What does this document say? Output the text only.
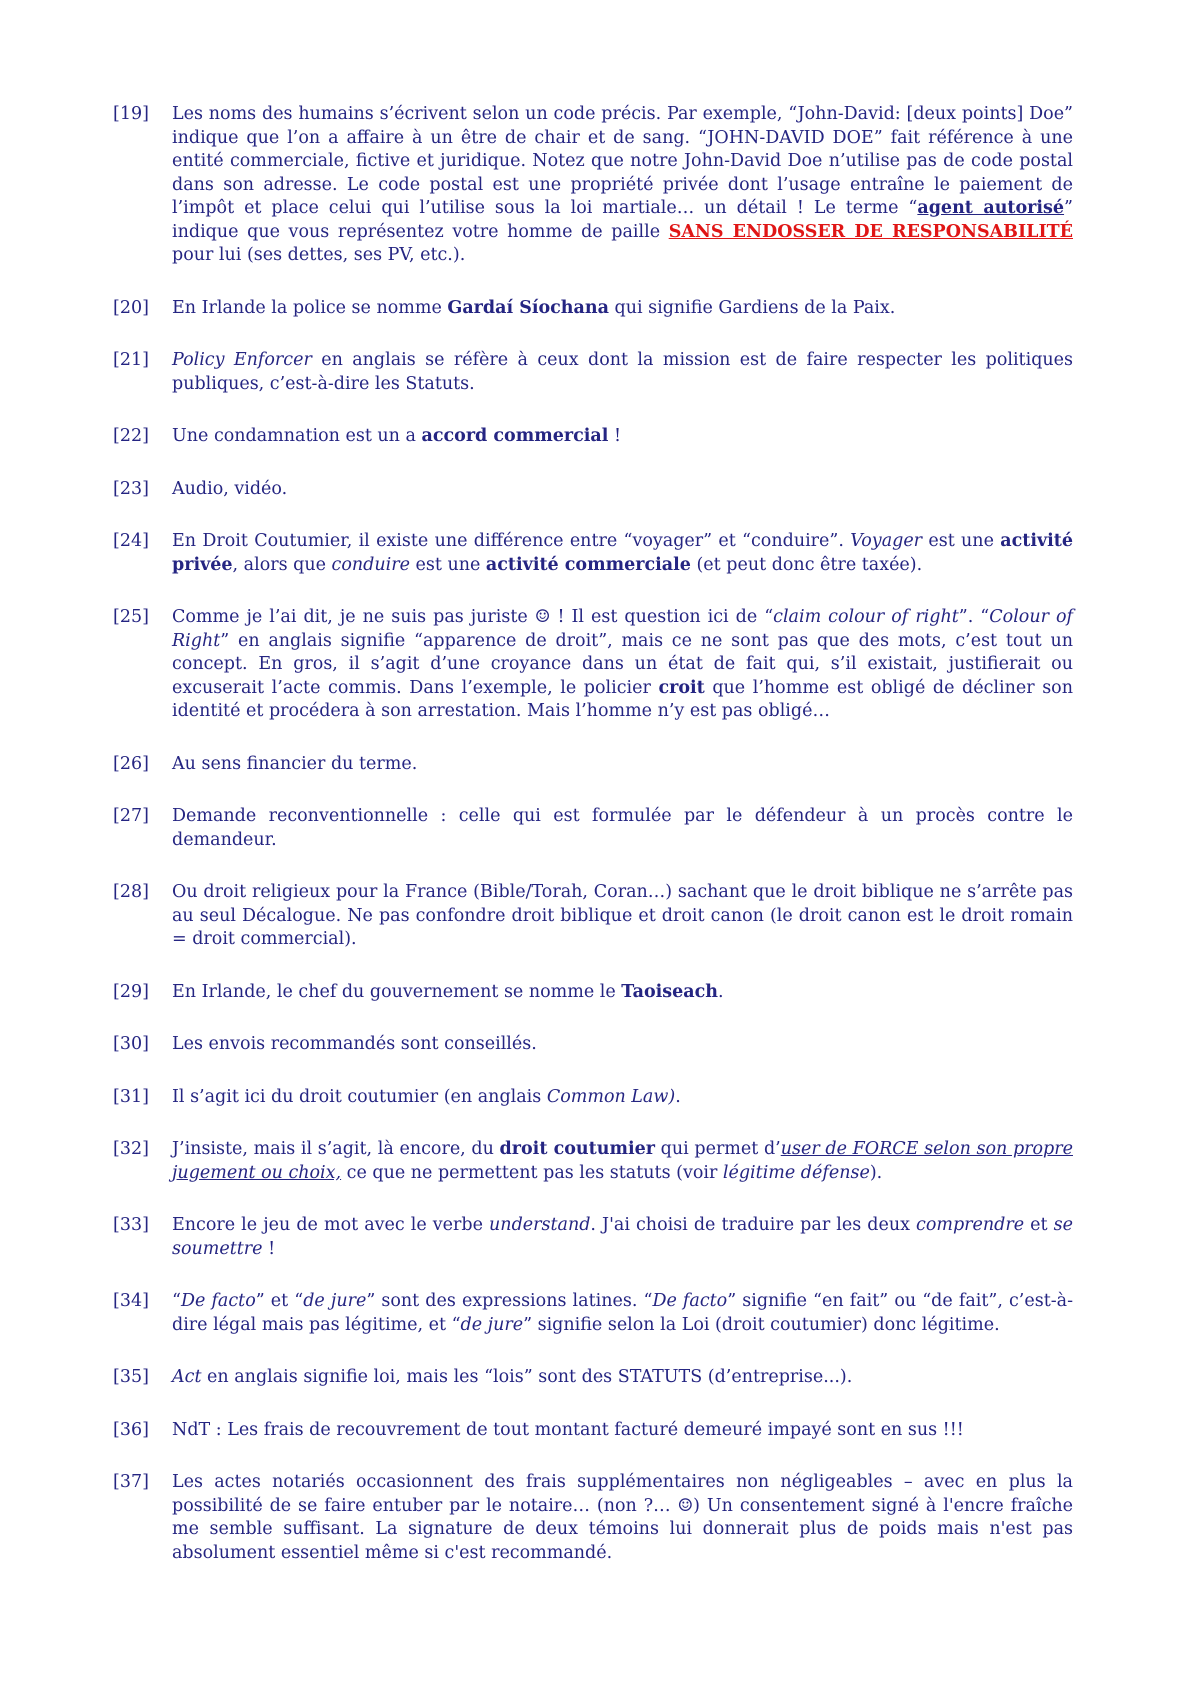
[19]	Les noms des humains s’écrivent selon un code précis. Par exemple, “John-David: [deux points] Doe” indique que l’on a affaire à un être de chair et de sang. “JOHN-DAVID DOE” fait référence à une entité commerciale, fictive et juridique. Notez que notre John-David Doe n’utilise pas de code postal dans son adresse. Le code postal est une propriété privée dont l’usage entraîne le paiement de l’impôt et place celui qui l’utilise sous la loi martiale… un détail ! Le terme “agent autorisé” indique que vous représentez votre homme de paille SANS ENDOSSER DE RESPONSABILITÉ pour lui (ses dettes, ses PV, etc.).

[20]	En Irlande la police se nomme Gardaí Síochana qui signifie Gardiens de la Paix.

[21]	Policy Enforcer en anglais se réfère à ceux dont la mission est de faire respecter les politiques publiques, c’est-à-dire les Statuts.

[22]	Une condamnation est un a accord commercial !

[23]	Audio, vidéo.

[24]	En Droit Coutumier, il existe une différence entre “voyager” et “conduire”. Voyager est une activité privée, alors que conduire est une activité commerciale (et peut donc être taxée).

[25]	Comme je l’ai dit, je ne suis pas juriste ☺ ! Il est question ici de “claim colour of right”. “Colour of Right” en anglais signifie “apparence de droit”, mais ce ne sont pas que des mots, c’est tout un concept. En gros, il s’agit d’une croyance dans un état de fait qui, s’il existait, justifierait ou excuserait l’acte commis. Dans l’exemple, le policier croit que l’homme est obligé de décliner son identité et procédera à son arrestation. Mais l’homme n’y est pas obligé…

[26]	Au sens financier du terme.

[27]	Demande reconventionnelle : celle qui est formulée par le défendeur à un procès contre le demandeur.

[28]	Ou droit religieux pour la France (Bible/Torah, Coran…) sachant que le droit biblique ne s’arrête pas au seul Décalogue. Ne pas confondre droit biblique et droit canon (le droit canon est le droit romain = droit commercial).

[29]	En Irlande, le chef du gouvernement se nomme le Taoiseach.

[30]	Les envois recommandés sont conseillés.

[31]	Il s’agit ici du droit coutumier (en anglais Common Law).

[32]	J’insiste, mais il s’agit, là encore, du droit coutumier qui permet d’user de FORCE selon son propre jugement ou choix, ce que ne permettent pas les statuts (voir légitime défense).

[33]	Encore le jeu de mot avec le verbe understand. J'ai choisi de traduire par les deux comprendre et se soumettre !

[34]	“De facto” et “de jure” sont des expressions latines. “De facto” signifie “en fait” ou “de fait”, c’est-à-dire légal mais pas légitime, et “de jure” signifie selon la Loi (droit coutumier) donc légitime.

[35]	Act en anglais signifie loi, mais les “lois” sont des STATUTS (d’entreprise...).

[36]	NdT : Les frais de recouvrement de tout montant facturé demeuré impayé sont en sus !!!

[37]	Les actes notariés occasionnent des frais supplémentaires non négligeables – avec en plus la possibilité de se faire entuber par le notaire… (non ?… ☺) Un consentement signé à l'encre fraîche me semble suffisant. La signature de deux témoins lui donnerait plus de poids mais n'est pas absolument essentiel même si c'est recommandé.
